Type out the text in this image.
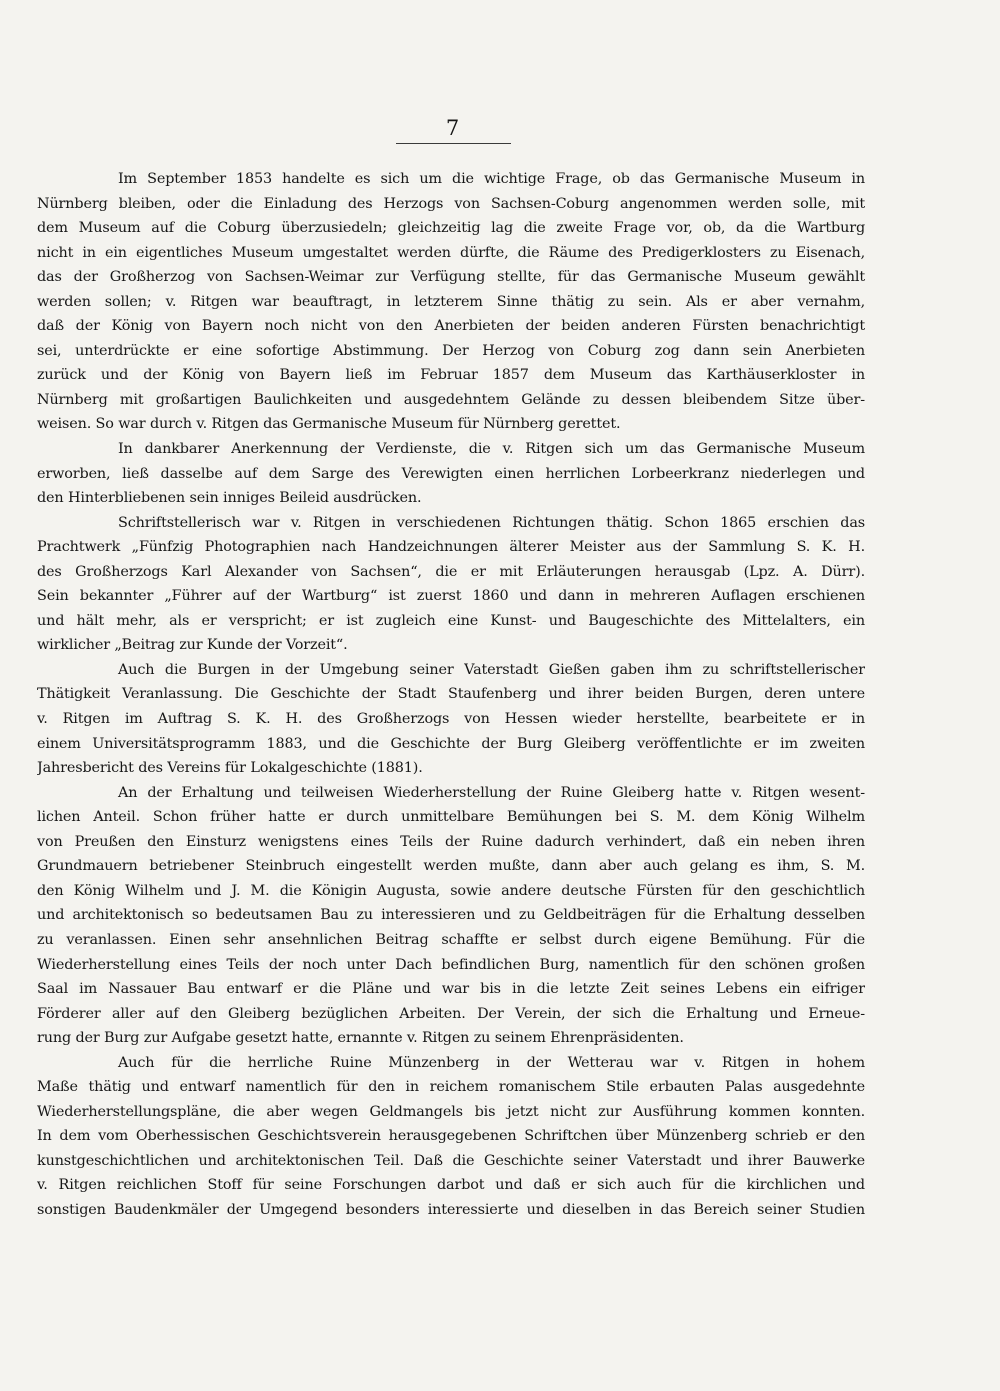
7
Im September 1853 handelte es sich um die wichtige Frage, ob das Germanische Museum in
Nürnberg bleiben, oder die Einladung des Herzogs von Sachsen-Coburg angenommen werden solle, mit
dem Museum auf die Coburg überzusiedeln; gleichzeitig lag die zweite Frage vor, ob, da die Wartburg
nicht in ein eigentliches Museum umgestaltet werden dürfte, die Räume des Predigerklosters zu Eisenach,
das der Großherzog von Sachsen-Weimar zur Verfügung stellte, für das Germanische Museum gewählt
werden sollen; v. Ritgen war beauftragt, in letzterem Sinne thätig zu sein. Als er aber vernahm,
daß der König von Bayern noch nicht von den Anerbieten der beiden anderen Fürsten benachrichtigt
sei, unterdrückte er eine sofortige Abstimmung. Der Herzog von Coburg zog dann sein Anerbieten
zurück und der König von Bayern ließ im Februar 1857 dem Museum das Karthäuserkloster in
Nürnberg mit großartigen Baulichkeiten und ausgedehntem Gelände zu dessen bleibendem Sitze über-
weisen. So war durch v. Ritgen das Germanische Museum für Nürnberg gerettet.
In dankbarer Anerkennung der Verdienste, die v. Ritgen sich um das Germanische Museum
erworben, ließ dasselbe auf dem Sarge des Verewigten einen herrlichen Lorbeerkranz niederlegen und
den Hinterbliebenen sein inniges Beileid ausdrücken.
Schriftstellerisch war v. Ritgen in verschiedenen Richtungen thätig. Schon 1865 erschien das
Prachtwerk „Fünfzig Photographien nach Handzeichnungen älterer Meister aus der Sammlung S. K. H.
des Großherzogs Karl Alexander von Sachsen“, die er mit Erläuterungen herausgab (Lpz. A. Dürr).
Sein bekannter „Führer auf der Wartburg“ ist zuerst 1860 und dann in mehreren Auflagen erschienen
und hält mehr, als er verspricht; er ist zugleich eine Kunst- und Baugeschichte des Mittelalters, ein
wirklicher „Beitrag zur Kunde der Vorzeit“.
Auch die Burgen in der Umgebung seiner Vaterstadt Gießen gaben ihm zu schriftstellerischer
Thätigkeit Veranlassung. Die Geschichte der Stadt Staufenberg und ihrer beiden Burgen, deren untere
v. Ritgen im Auftrag S. K. H. des Großherzogs von Hessen wieder herstellte, bearbeitete er in
einem Universitätsprogramm 1883, und die Geschichte der Burg Gleiberg veröffentlichte er im zweiten
Jahresbericht des Vereins für Lokalgeschichte (1881).
An der Erhaltung und teilweisen Wiederherstellung der Ruine Gleiberg hatte v. Ritgen wesent-
lichen Anteil. Schon früher hatte er durch unmittelbare Bemühungen bei S. M. dem König Wilhelm
von Preußen den Einsturz wenigstens eines Teils der Ruine dadurch verhindert, daß ein neben ihren
Grundmauern betriebener Steinbruch eingestellt werden mußte, dann aber auch gelang es ihm, S. M.
den König Wilhelm und J. M. die Königin Augusta, sowie andere deutsche Fürsten für den geschichtlich
und architektonisch so bedeutsamen Bau zu interessieren und zu Geldbeiträgen für die Erhaltung desselben
zu veranlassen. Einen sehr ansehnlichen Beitrag schaffte er selbst durch eigene Bemühung. Für die
Wiederherstellung eines Teils der noch unter Dach befindlichen Burg, namentlich für den schönen großen
Saal im Nassauer Bau entwarf er die Pläne und war bis in die letzte Zeit seines Lebens ein eifriger
Förderer aller auf den Gleiberg bezüglichen Arbeiten. Der Verein, der sich die Erhaltung und Erneue-
rung der Burg zur Aufgabe gesetzt hatte, ernannte v. Ritgen zu seinem Ehrenpräsidenten.
Auch für die herrliche Ruine Münzenberg in der Wetterau war v. Ritgen in hohem
Maße thätig und entwarf namentlich für den in reichem romanischem Stile erbauten Palas ausgedehnte
Wiederherstellungspläne, die aber wegen Geldmangels bis jetzt nicht zur Ausführung kommen konnten.
In dem vom Oberhessischen Geschichtsverein herausgegebenen Schriftchen über Münzenberg schrieb er den
kunstgeschichtlichen und architektonischen Teil. Daß die Geschichte seiner Vaterstadt und ihrer Bauwerke
v. Ritgen reichlichen Stoff für seine Forschungen darbot und daß er sich auch für die kirchlichen und
sonstigen Baudenkmäler der Umgegend besonders interessierte und dieselben in das Bereich seiner Studien
